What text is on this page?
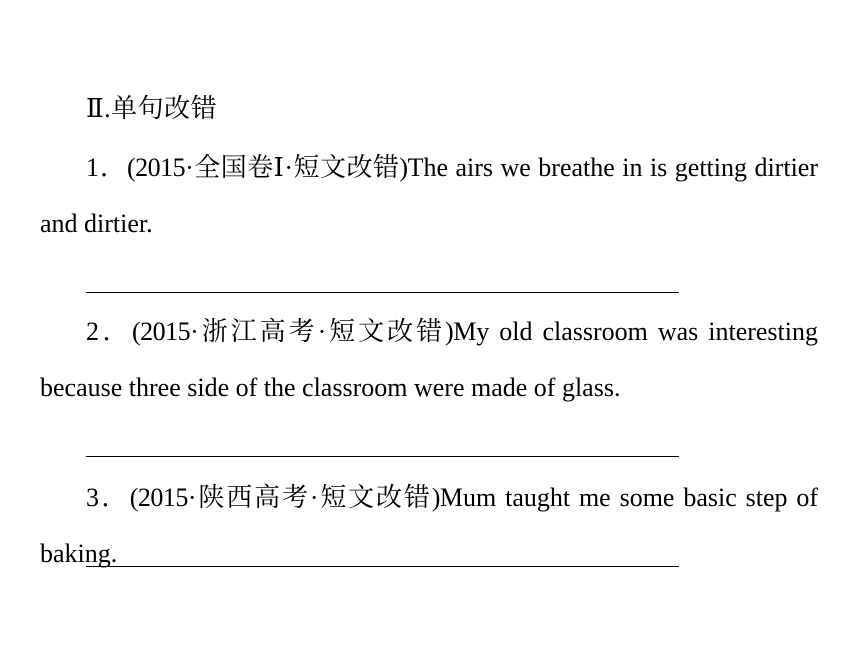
Ⅱ.单句改错
1．(2015·全国卷Ⅰ·短文改错)The airs we breathe in is getting dirtier and dirtier.
2．(2015·浙江高考·短文改错)My old classroom was interesting because three side of the classroom were made of glass.
3．(2015·陕西高考·短文改错)Mum taught me some basic step of baking.
